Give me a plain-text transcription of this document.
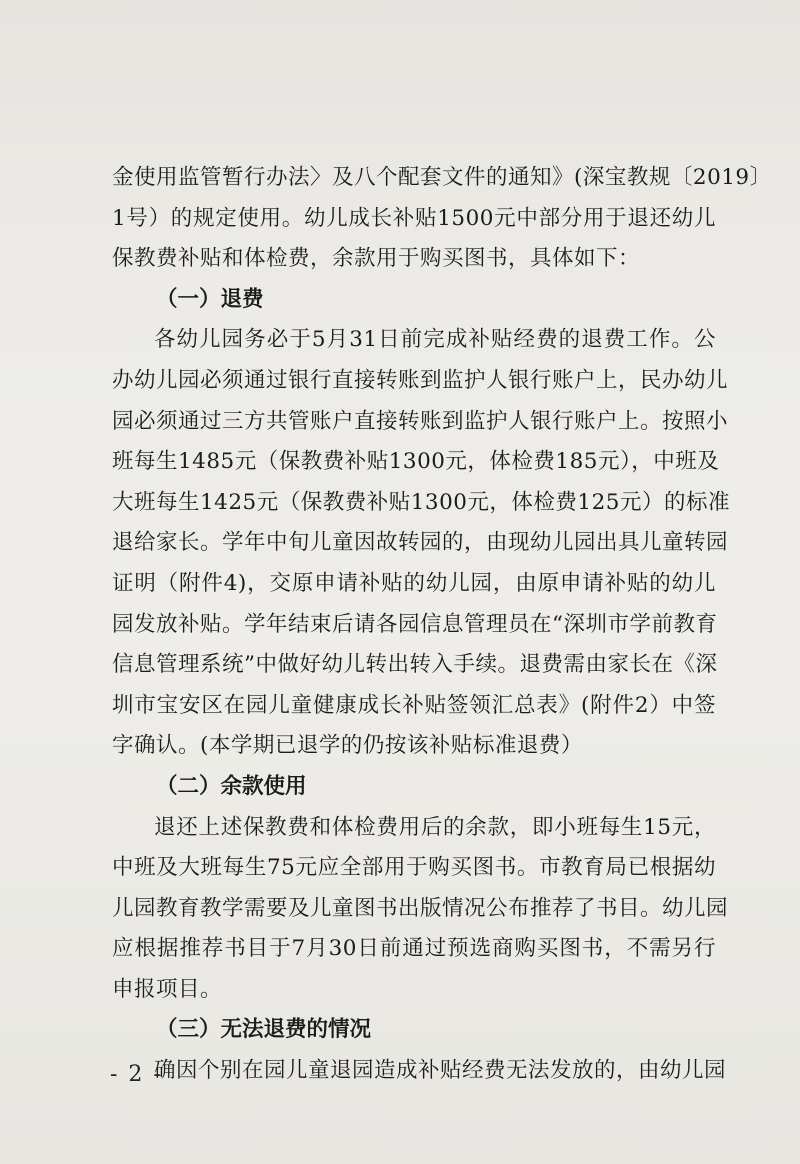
金使用监管暂行办法〉及八个配套文件的通知》(深宝教规〔2019〕
1号）的规定使用。幼儿成长补贴1500元中部分用于退还幼儿
保教费补贴和体检费，余款用于购买图书，具体如下：
（一）退费
各幼儿园务必于5月31日前完成补贴经费的退费工作。公
办幼儿园必须通过银行直接转账到监护人银行账户上，民办幼儿
园必须通过三方共管账户直接转账到监护人银行账户上。按照小
班每生1485元（保教费补贴1300元，体检费185元），中班及
大班每生1425元（保教费补贴1300元，体检费125元）的标准
退给家长。学年中旬儿童因故转园的，由现幼儿园出具儿童转园
证明（附件4)，交原申请补贴的幼儿园，由原申请补贴的幼儿
园发放补贴。学年结束后请各园信息管理员在“深圳市学前教育
信息管理系统”中做好幼儿转出转入手续。退费需由家长在《深
圳市宝安区在园儿童健康成长补贴签领汇总表》(附件2）中签
字确认。(本学期已退学的仍按该补贴标准退费）
（二）余款使用
退还上述保教费和体检费用后的余款，即小班每生15元，
中班及大班每生75元应全部用于购买图书。市教育局已根据幼
儿园教育教学需要及儿童图书出版情况公布推荐了书目。幼儿园
应根据推荐书目于7月30日前通过预选商购买图书，不需另行
申报项目。
（三）无法退费的情况
确因个别在园儿童退园造成补贴经费无法发放的，由幼儿园
- 2 -
